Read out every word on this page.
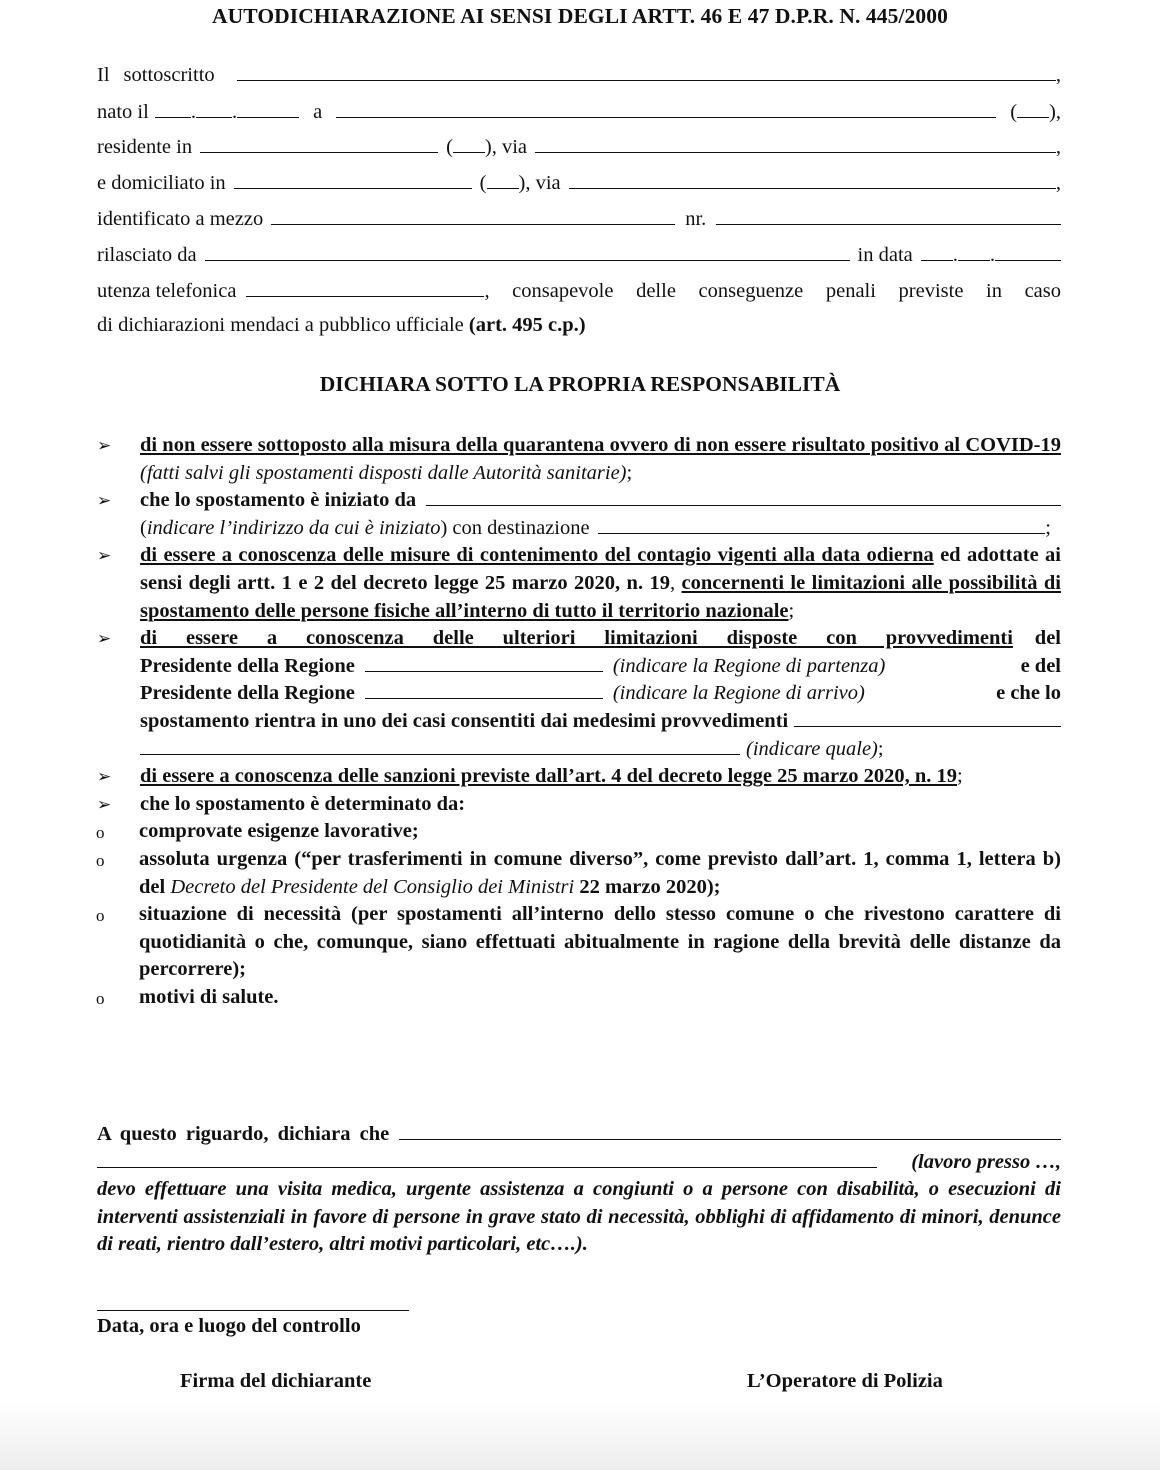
AUTODICHIARAZIONE AI SENSI DEGLI ARTT. 46 E 47 D.P.R. N. 445/2000
Il sottoscritto	,
nato il . .	a	( ),
residente in	( ) , via	,
e domiciliato in	( ) , via	,
identificato a mezzo	nr.
rilasciato da	in data . .
utenza telefonica	, consapevole delle conseguenze penali previste in caso
di dichiarazioni mendaci a pubblico ufficiale (art. 495 c.p.)
DICHIARA SOTTO LA PROPRIA RESPONSABILITÀ
➢ di non essere sottoposto alla misura della quarantena ovvero di non essere risultato positivo al COVID-19 (fatti salvi gli spostamenti disposti dalle Autorità sanitarie);
➢ che lo spostamento è iniziato da
( indicare l’indirizzo da cui è iniziato ) con destinazione	;
➢ di essere a conoscenza delle misure di contenimento del contagio vigenti alla data odierna ed adottate ai sensi degli artt. 1 e 2 del decreto legge 25 marzo 2020, n. 19, concernenti le limitazioni alle possibilità di spostamento delle persone fisiche all’interno di tutto il territorio nazionale;
➢ di essere a conoscenza delle ulteriori limitazioni disposte con provvedimenti del
Presidente della Regione	(indicare la Regione di partenza)	e del
Presidente della Regione	(indicare la Regione di arrivo)	e che lo
spostamento rientra in uno dei casi consentiti dai medesimi provvedimenti
(indicare quale) ;
➢ di essere a conoscenza delle sanzioni previste dall’art. 4 del decreto legge 25 marzo 2020, n. 19;
➢ che lo spostamento è determinato da:
o comprovate esigenze lavorative;
o assoluta urgenza (“per trasferimenti in comune diverso”, come previsto dall’art. 1, comma 1, lettera b) del Decreto del Presidente del Consiglio dei Ministri 22 marzo 2020);
o situazione di necessità (per spostamenti all’interno dello stesso comune o che rivestono carattere di quotidianità o che, comunque, siano effettuati abitualmente in ragione della brevità delle distanze da percorrere);
o motivi di salute.
A questo riguardo, dichiara che
(lavoro presso …,
devo effettuare una visita medica, urgente assistenza a congiunti o a persone con disabilità, o esecuzioni di interventi assistenziali in favore di persone in grave stato di necessità, obblighi di affidamento di minori, denunce di reati, rientro dall’estero, altri motivi particolari, etc….).
Data, ora e luogo del controllo
Firma del dichiarante	L’Operatore di Polizia
